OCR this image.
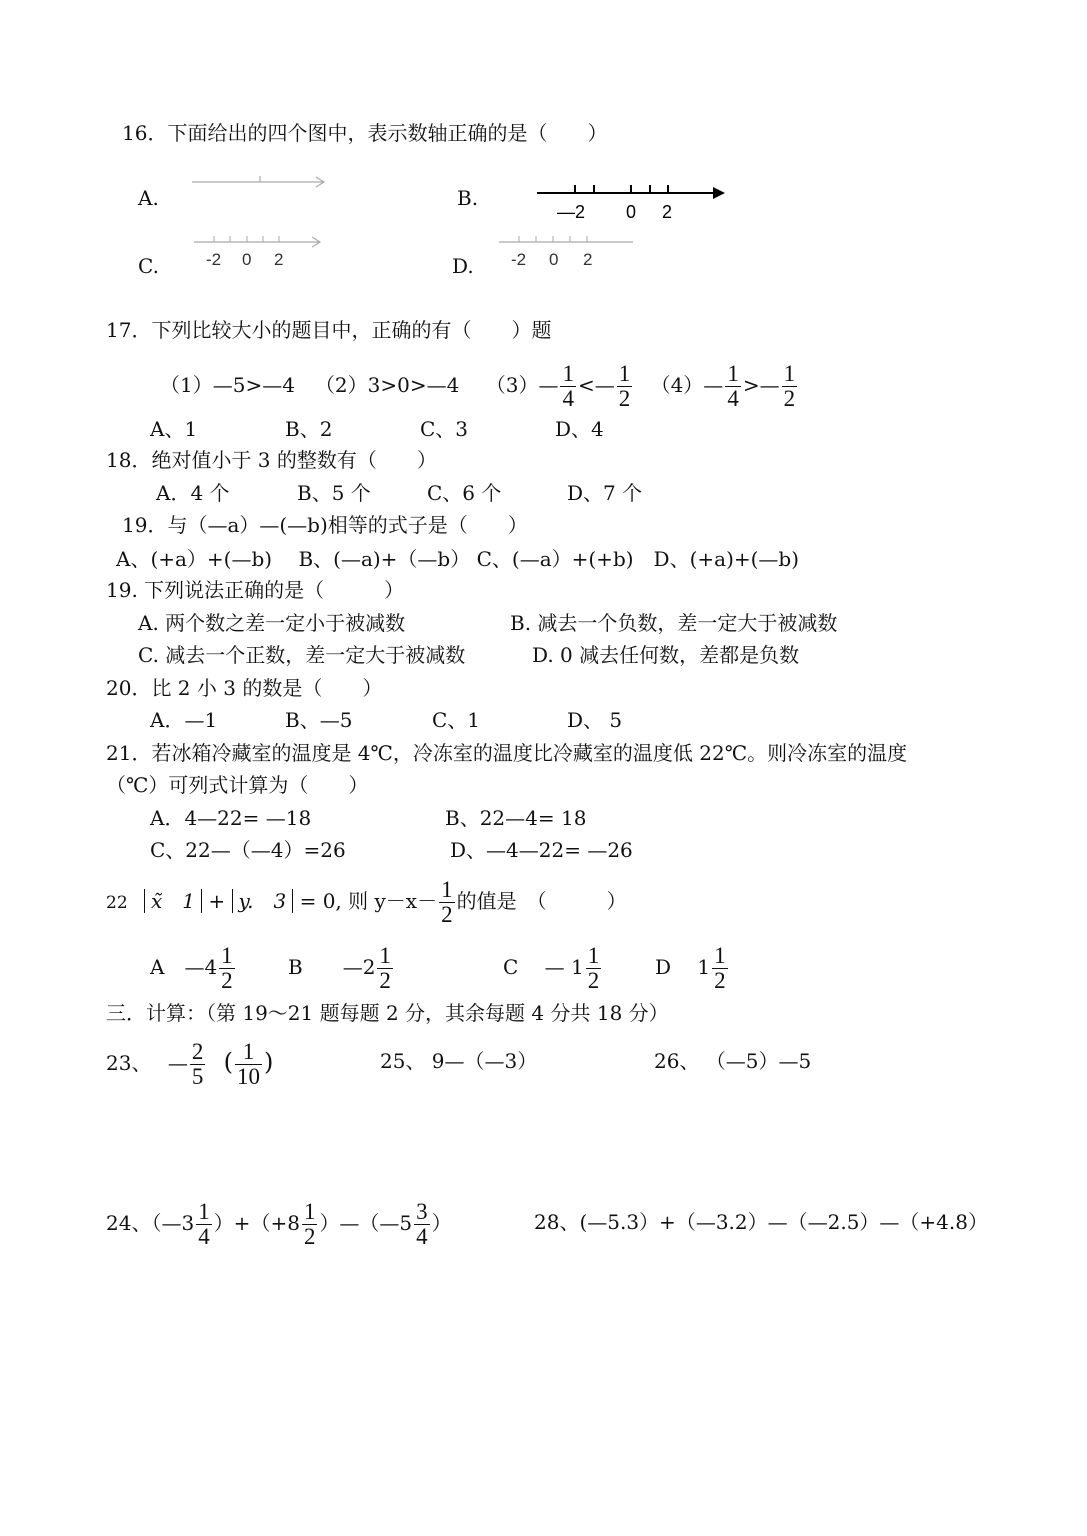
16．下面给出的四个图中，表示数轴正确的是（　　）
A.	B.
—2 0 2
C.	-2 0 2	D. -2 0 2
17．下列比较大小的题目中，正确的有（　　）题
（1）—5>—4   （2）3>0>—4   （3）— $\frac{1}{4}$ <— $\frac{1}{2}$
  （4）— $\frac{1}{4}$ >— $\frac{1}{2}$
A、1	B、2	C、3	D、4
18．绝对值小于 3 的整数有（　　）
A．4 个	B、5 个	C、6 个	D、7 个
19．与（—a）—(—b)相等的式子是（　　）
A、(+a）+(—b)　 B、(—a)+（—b） C、(—a）+(+b)　D、(+a)+(—b)
19. 下列说法正确的是（　　　）
A. 两个数之差一定小于被减数	B. 减去一个负数，差一定大于被减数
C. 减去一个正数，差一定大于被减数	D. 0 减去任何数，差都是负数
20．比 2 小 3 的数是（　　）
A．—1	B、—5	C、1	D、 5
21．若冰箱冷藏室的温度是 4℃，冷冻室的温度比冷藏室的温度低 22℃。则冷冻室的温度
（℃）可列式计算为（　　）
A．4—22= —18	B、22—4= 18
C、22—（—4）=26	D、—4—22= —26
22  x̃　1 + y.　3 = 0, 则 $y-x- \frac{1}{2}$ 的值是　（　　　）
A　—4 $\frac{1}{2}$	B　　—2 $\frac{1}{2}$	C　 — $1 \frac{1}{2}$	D　 $1 \frac{1}{2}$
三．计算：（第 19～21 题每题 2 分，其余每题 4 分共 18 分）
23、  — $\frac{2}{5}$
  ( $\frac{1}{10}$ )	25、 9—（—3）	26、 （—5）—5
24、（—3 $\frac{1}{4} )+(+8 \frac{1}{2}$ ）—（—5 $\frac{3}{4}$ ）	28、(—5.3）+（—3.2）—（—2.5）—（+4.8）
